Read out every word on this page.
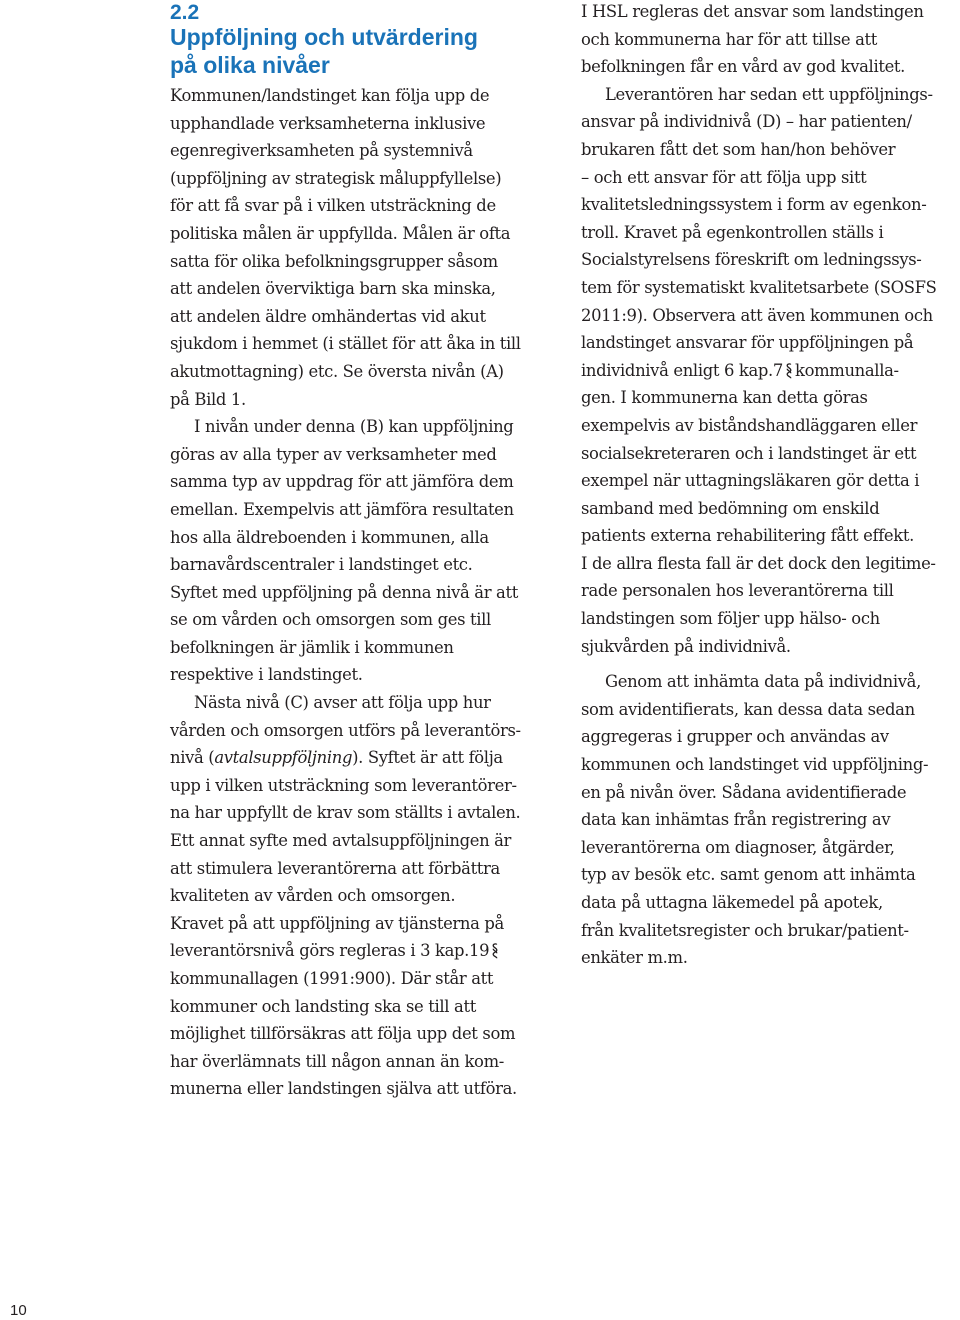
2.2
Uppföljning och utvärdering
på olika nivåer
Kommunen/landstinget kan följa upp de
upphandlade verksamheterna inklusive
egenregiverksamheten på systemnivå
(uppföljning av strategisk måluppfyllelse)
för att få svar på i vilken utsträckning de
politiska målen är uppfyllda. Målen är ofta
satta för olika befolkningsgrupper såsom
att andelen överviktiga barn ska minska,
att andelen äldre omhändertas vid akut
sjukdom i hemmet (i stället för att åka in till
akutmottagning) etc. Se översta nivån (A)
på Bild 1.
I nivån under denna (B) kan uppföljning
göras av alla typer av verksamheter med
samma typ av uppdrag för att jämföra dem
emellan. Exempelvis att jämföra resultaten
hos alla äldreboenden i kommunen, alla
barnavårdscentraler i landstinget etc.
Syftet med uppföljning på denna nivå är att
se om vården och omsorgen som ges till
befolkningen är jämlik i kommunen
respektive i landstinget.
Nästa nivå (C) avser att följa upp hur
vården och omsorgen utförs på leverantörs-
nivå (avtalsuppföljning). Syftet är att följa
upp i vilken utsträckning som leverantörer-
na har uppfyllt de krav som ställts i avtalen.
Ett annat syfte med avtalsuppföljningen är
att stimulera leverantörerna att förbättra
kvaliteten av vården och omsorgen.
Kravet på att uppföljning av tjänsterna på
leverantörsnivå görs regleras i 3 kap.19
kommunallagen (1991:900). Där står att
kommuner och landsting ska se till att
möjlighet tillförsäkras att följa upp det som
har överlämnats till någon annan än kom-
munerna eller landstingen själva att utföra.
I HSL regleras det ansvar som landstingen
och kommunerna har för att tillse att
befolkningen får en vård av god kvalitet.
Leverantören har sedan ett uppföljnings-
ansvar på individnivå (D) – har patienten/
brukaren fått det som han/hon behöver
– och ett ansvar för att följa upp sitt
kvalitetsledningssystem i form av egenkon-
troll. Kravet på egenkontrollen ställs i
Socialstyrelsens föreskrift om ledningssys-
tem för systematiskt kvalitetsarbete (SOSFS
2011:9). Observera att även kommunen och
landstinget ansvarar för uppföljningen på
individnivå enligt 6 kap.7 kommunalla-
gen. I kommunerna kan detta göras
exempelvis av biståndshandläggaren eller
socialsekreteraren och i landstinget är ett
exempel när uttagningsläkaren gör detta i
samband med bedömning om enskild
patients externa rehabilitering fått effekt.
I de allra flesta fall är det dock den legitime-
rade personalen hos leverantörerna till
landstingen som följer upp hälso- och
sjukvården på individnivå.
Genom att inhämta data på individnivå,
som avidentifierats, kan dessa data sedan
aggregeras i grupper och användas av
kommunen och landstinget vid uppföljning-
en på nivån över. Sådana avidentifierade
data kan inhämtas från registrering av
leverantörerna om diagnoser, åtgärder,
typ av besök etc. samt genom att inhämta
data på uttagna läkemedel på apotek,
från kvalitetsregister och brukar/patient-
enkäter m.m.
10
